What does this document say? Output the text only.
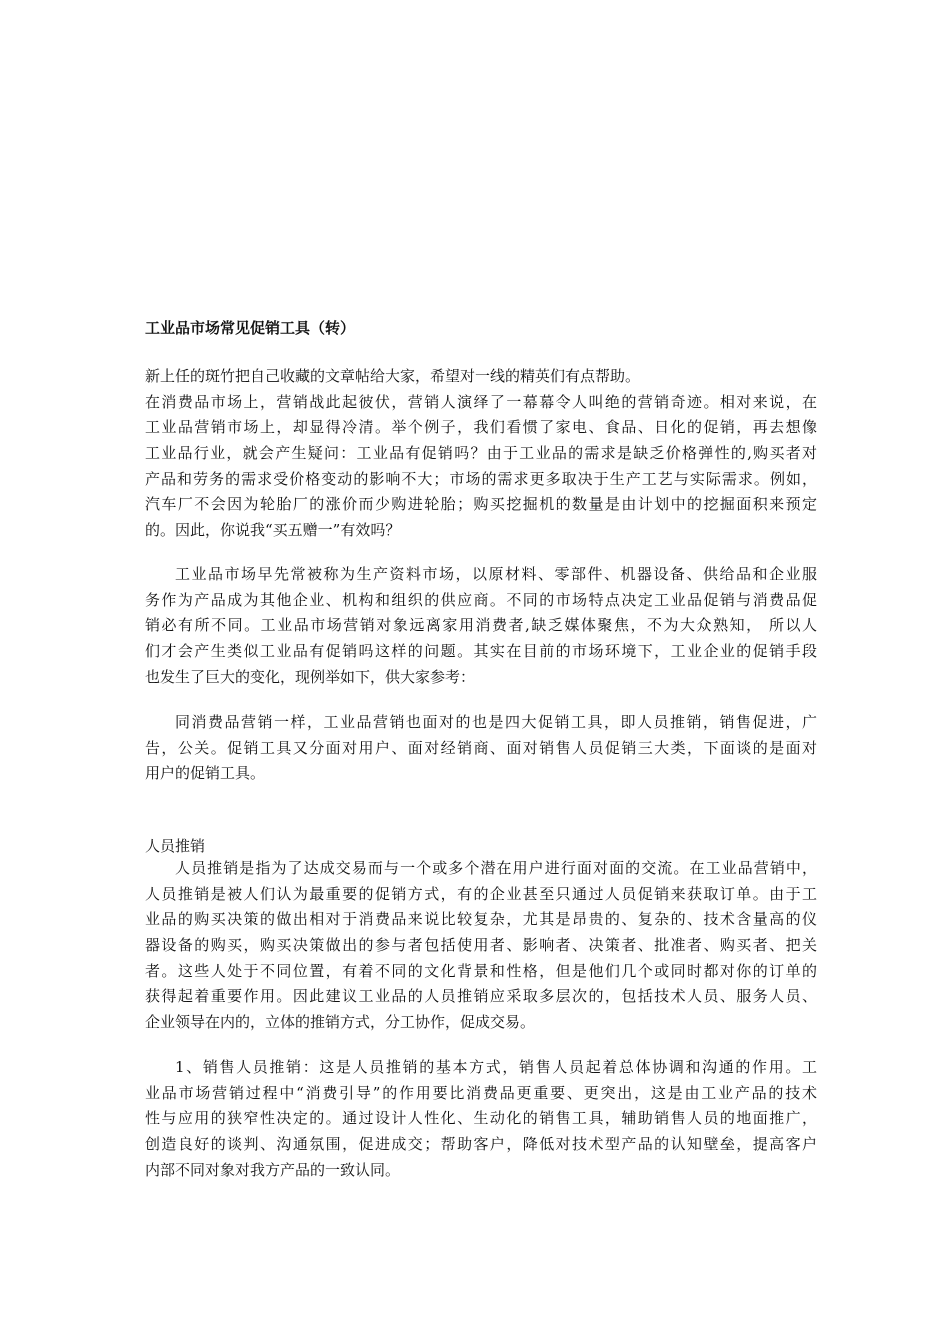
工业品市场常见促销工具（转）
新上任的斑竹把自己收藏的文章帖给大家，希望对一线的精英们有点帮助。
在消费品市场上，营销战此起彼伏，营销人演绎了一幕幕令人叫绝的营销奇迹。相对来说，在
工业品营销市场上，却显得冷清。举个例子，我们看惯了家电、食品、日化的促销，再去想像
工业品行业，就会产生疑问：工业品有促销吗？由于工业品的需求是缺乏价格弹性的,购买者对
产品和劳务的需求受价格变动的影响不大；市场的需求更多取决于生产工艺与实际需求。例如，
汽车厂不会因为轮胎厂的涨价而少购进轮胎；购买挖掘机的数量是由计划中的挖掘面积来预定
的。因此，你说我“买五赠一”有效吗？
工业品市场早先常被称为生产资料市场，以原材料、零部件、机器设备、供给品和企业服
务作为产品成为其他企业、机构和组织的供应商。不同的市场特点决定工业品促销与消费品促
销必有所不同。工业品市场营销对象远离家用消费者,缺乏媒体聚焦，不为大众熟知， 所以人
们才会产生类似工业品有促销吗这样的问题。其实在目前的市场环境下，工业企业的促销手段
也发生了巨大的变化，现例举如下，供大家参考：
同消费品营销一样，工业品营销也面对的也是四大促销工具，即人员推销，销售促进，广
告，公关。促销工具又分面对用户、面对经销商、面对销售人员促销三大类，下面谈的是面对
用户的促销工具。
人员推销
人员推销是指为了达成交易而与一个或多个潜在用户进行面对面的交流。在工业品营销中，
人员推销是被人们认为最重要的促销方式，有的企业甚至只通过人员促销来获取订单。由于工
业品的购买决策的做出相对于消费品来说比较复杂，尤其是昂贵的、复杂的、技术含量高的仪
器设备的购买，购买决策做出的参与者包括使用者、影响者、决策者、批准者、购买者、把关
者。这些人处于不同位置，有着不同的文化背景和性格，但是他们几个或同时都对你的订单的
获得起着重要作用。因此建议工业品的人员推销应采取多层次的，包括技术人员、服务人员、
企业领导在内的，立体的推销方式，分工协作，促成交易。
1、销售人员推销：这是人员推销的基本方式，销售人员起着总体协调和沟通的作用。工
业品市场营销过程中“消费引导”的作用要比消费品更重要、更突出，这是由工业产品的技术
性与应用的狭窄性决定的。通过设计人性化、生动化的销售工具，辅助销售人员的地面推广，
创造良好的谈判、沟通氛围，促进成交；帮助客户，降低对技术型产品的认知壁垒，提高客户
内部不同对象对我方产品的一致认同。
